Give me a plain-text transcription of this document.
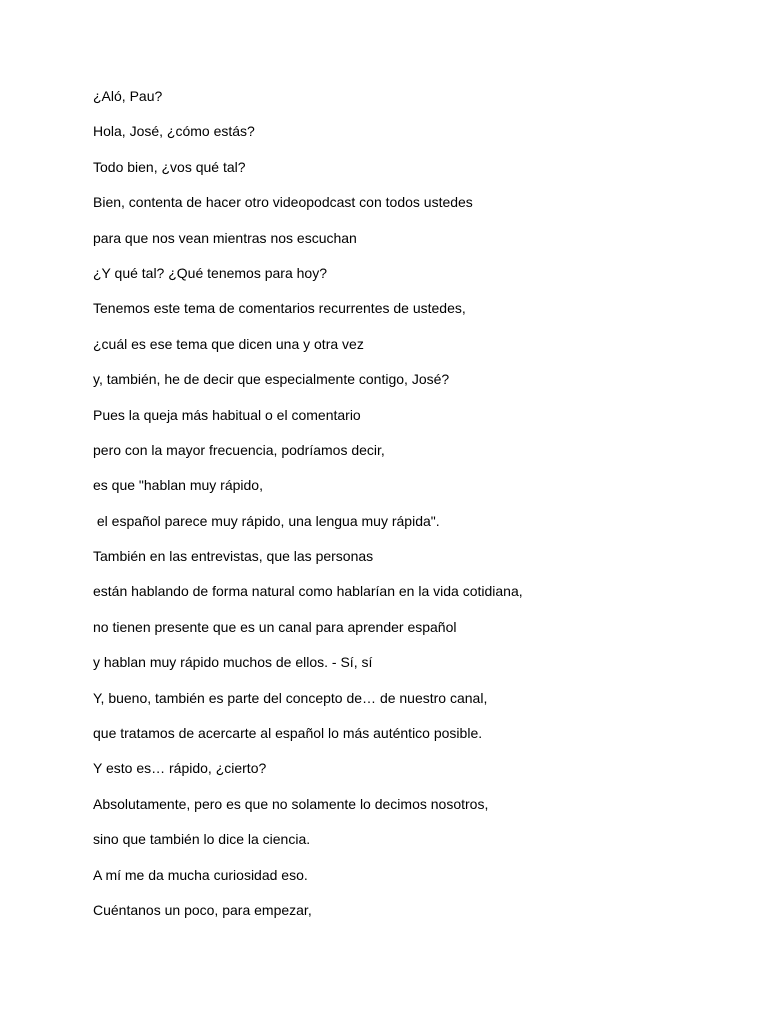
¿Aló, Pau?
Hola, José, ¿cómo estás?
Todo bien, ¿vos qué tal?
Bien, contenta de hacer otro videopodcast con todos ustedes
para que nos vean mientras nos escuchan
¿Y qué tal? ¿Qué tenemos para hoy?
Tenemos este tema de comentarios recurrentes de ustedes,
¿cuál es ese tema que dicen una y otra vez
y, también, he de decir que especialmente contigo, José?
Pues la queja más habitual o el comentario
pero con la mayor frecuencia, podríamos decir,
es que "hablan muy rápido,
el español parece muy rápido, una lengua muy rápida".
También en las entrevistas, que las personas
están hablando de forma natural como hablarían en la vida cotidiana,
no tienen presente que es un canal para aprender español
y hablan muy rápido muchos de ellos. - Sí, sí
Y, bueno, también es parte del concepto de… de nuestro canal,
que tratamos de acercarte al español lo más auténtico posible.
Y esto es… rápido, ¿cierto?
Absolutamente, pero es que no solamente lo decimos nosotros,
sino que también lo dice la ciencia.
A mí me da mucha curiosidad eso.
Cuéntanos un poco, para empezar,
